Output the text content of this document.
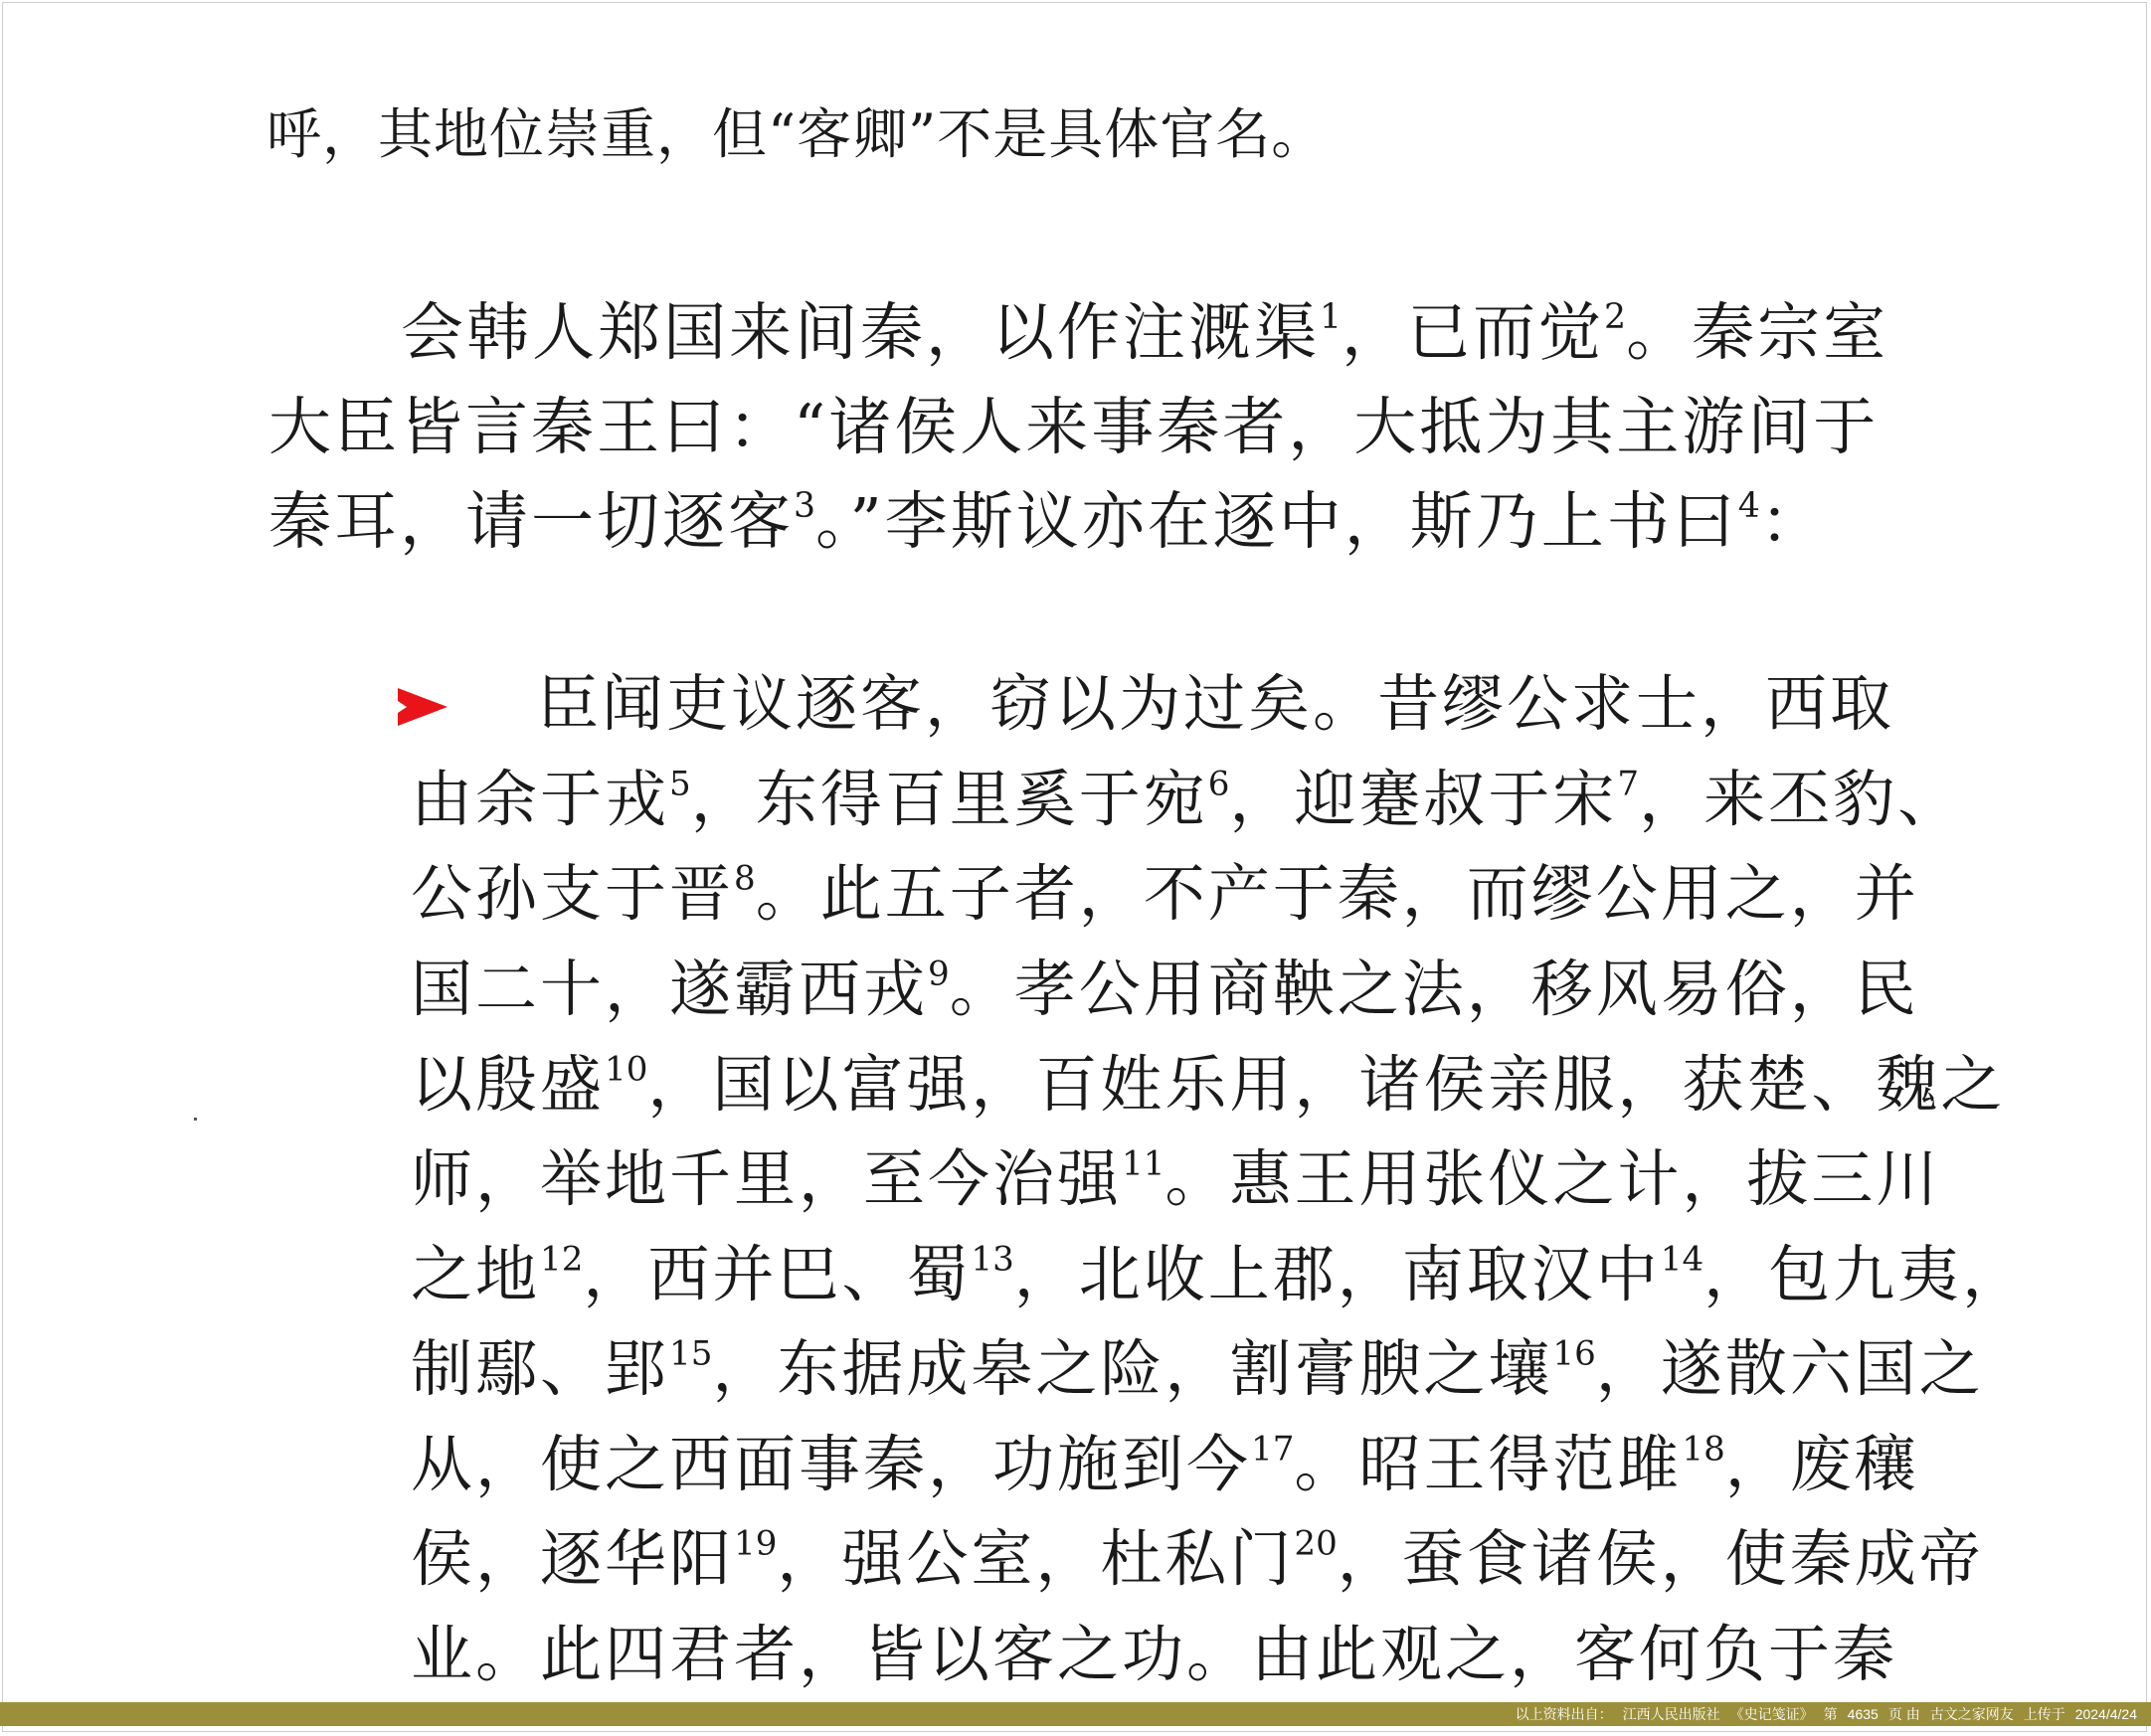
呼，其地位崇重，但“客卿”不是具体官名。
会韩人郑国来间秦，以作注溉渠$^1$，已而觉$^2$。秦宗室
大臣皆言秦王曰：“诸侯人来事秦者，大抵为其主游间于
秦耳，请一切逐客$^3$。”李斯议亦在逐中，斯乃上书曰$^4$：
臣闻吏议逐客，窃以为过矣。昔缪公求士，西取
由余于戎$^5$，东得百里奚于宛$^6$，迎蹇叔于宋$^7$，来丕豹、
公孙支于晋$^8$。此五子者，不产于秦，而缪公用之，并
国二十，遂霸西戎$^9$。孝公用商鞅之法，移风易俗，民
以殷盛$^{10}$，国以富强，百姓乐用，诸侯亲服，获楚、魏之
师，举地千里，至今治强$^{11}$。惠王用张仪之计，拔三川
之地$^{12}$，西并巴、蜀$^{13}$，北收上郡，南取汉中$^{14}$，包九夷，
制鄢、郢$^{15}$，东据成皋之险，割膏腴之壤$^{16}$，遂散六国之
从，使之西面事秦，功施到今$^{17}$。昭王得范雎$^{18}$，废穰
侯，逐华阳$^{19}$，强公室，杜私门$^{20}$，蚕食诸侯，使秦成帝
业。此四君者，皆以客之功。由此观之，客何负于秦
以上资料出自： 江西人民出版社 《史记笺证》 第 4635 页 由 古文之家网友 上传于 2024/4/24
